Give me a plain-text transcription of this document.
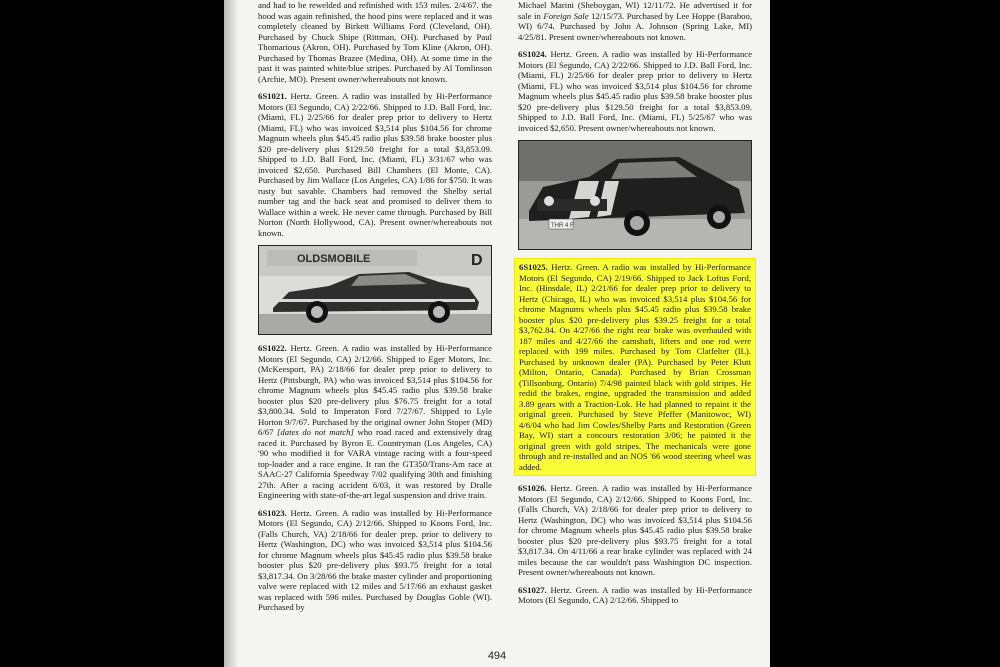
and had to be rewelded and refinished with 153 miles. 2/4/67. the hood was again refinished, the hood pins were replaced and it was completely cleaned by Birkett Williams Ford (Cleveland, OH). Purchased by Chuck Shipe (Rittman, OH). Purchased by Paul Thomarious (Akron, OH). Purchased by Tom Kline (Akron, OH). Purchased by Thomas Brazee (Medina, OH). At some time in the past it was painted white/blue stripes. Purchased by Al Tomlinson (Archie, MO). Present owner/whereabouts not known.

6S1021. Hertz. Green. A radio was installed by Hi-Performance Motors (El Segundo, CA) 2/22/66. Shipped to J.D. Ball Ford, Inc. (Miami, FL) 2/25/66 for dealer prep prior to delivery to Hertz (Miami, FL) who was invoiced $3,514 plus $104.56 for chrome Magnum wheels plus $45.45 radio plus $39.58 brake booster plus $20 pre-delivery plus $129.50 freight for a total $3,853.09. Shipped to J.D. Ball Ford, Inc. (Miami, FL) 3/31/67 who was invoiced $2,650. Purchased Bill Chambers (El Monte, CA). Purchased by Jim Wallace (Los Angeles, CA) 1/86 for $750. It was rusty but savable. Chambers had removed the Shelby serial number tag and the back seat and promised to deliver them to Wallace within a week. He never came through. Purchased by Bill Norton (North Hollywood, CA). Present owner/whereabouts not known.

OLDSMOBILE	D

6S1022. Hertz. Green. A radio was installed by Hi-Performance Motors (El Segundo, CA) 2/12/66. Shipped to Eger Motors, Inc. (McKeesport, PA) 2/18/66 for dealer prep prior to delivery to Hertz (Pittsburgh, PA) who was invoiced $3,514 plus $104.56 for chrome Magnum wheels plus $45.45 radio plus $39.58 brake booster plus $20 pre-delivery plus $76.75 freight for a total $3,800.34. Sold to Imperaton Ford 7/27/67. Shipped to Lyle Horton 9/7/67. Purchased by the original owner John Stoper (MD) 6/67 [dates do not match] who road raced and extensively drag raced it. Purchased by Byron E. Countryman (Los Angeles, CA) '90 who modified it for VARA vintage racing with a four-speed top-loader and a race engine. It ran the GT350/Trans-Am race at SAAC-27 California Speedway 7/02 qualifying 30th and finishing 27th. After a racing accident 6/03, it was restored by Dralle Engineering with state-of-the-art legal suspension and drive train.

6S1023. Hertz. Green. A radio was installed by Hi-Performance Motors (El Segundo, CA) 2/12/66. Shipped to Koons Ford, Inc. (Falls Church, VA) 2/18/66 for dealer prep. prior to delivery to Hertz (Washington, DC) who was invoiced $3,514 plus $104.56 for chrome Magnum wheels plus $45.45 radio plus $39.58 brake booster plus $20 pre-delivery plus $93.75 freight for a total $3,817.34. On 3/28/66 the brake master cylinder and proportioning valve were replaced with 12 miles and 5/17/66 an exhaust gasket was replaced with 596 miles. Purchased by Douglas Goble (WI). Purchased by

Michael Marini (Sheboygan, WI) 12/11/72. He advertised it for sale in Foreign Sale 12/15/73. Purchased by Lee Hoppe (Baraboo, WI) 6/74. Purchased by John A. Johnson (Spring Lake, MI) 4/25/81. Present owner/whereabouts not known.

6S1024. Hertz. Green. A radio was installed by Hi-Performance Motors (El Segundo, CA) 2/22/66. Shipped to J.D. Ball Ford, Inc. (Miami, FL) 2/25/66 for dealer prep prior to delivery to Hertz (Miami, FL) who was invoiced $3,514 plus $104.56 for chrome Magnum wheels plus $45.45 radio plus $39.58 brake booster plus $20 pre-delivery plus $129.50 freight for a total $3,853.09. Shipped to J.D. Ball Ford, Inc. (Miami, FL) 5/25/67 who was invoiced $2,650. Present owner/whereabouts not known.

THR 4 F
6S1025. Hertz. Green. A radio was installed by Hi-Performance Motors (El Segundo, CA) 2/19/66. Shipped to Jack Loftus Ford, Inc. (Hinsdale, IL) 2/21/66 for dealer prep prior to delivery to Hertz (Chicago, IL) who was invoiced $3,514 plus $104.56 for chrome Magnums wheels plus $45.45 radio plus $39.58 brake booster plus $20 pre-delivery plus $39.25 freight for a total $3,762.84. On 4/27/66 the right rear brake was overhauled with 187 miles and 4/27/66 the camshaft, lifters and one rod were replaced with 199 miles. Purchased by Tom Clatfelter (IL). Purchased by unknown dealer (PA). Purchased by Peter Klutt (Milton, Ontario, Canada). Purchased by Brian Crossman (Tillsonburg, Ontario) 7/4/98 painted black with gold stripes. He redid the brakes, engine, upgraded the transmission and added 3.89 gears with a Traction-Lok. He had planned to repaint it the original green. Purchased by Steve Pfeffer (Manitowoc, WI) 4/6/04 who had Jim Cowles/Shelby Parts and Restoration (Green Bay, WI) start a concours restoration 3/06; he painted it the original green with gold stripes. The mechanicals were gone through and re-installed and an NOS '66 wood steering wheel was added.

6S1026. Hertz. Green. A radio was installed by Hi-Performance Motors (El Segundo, CA) 2/12/66. Shipped to Koons Ford, Inc. (Falls Church, VA) 2/18/66 for dealer prep prior to delivery to Hertz (Washington, DC) who was invoiced $3,514 plus $104.56 for chrome Magnum wheels plus $45.45 radio plus $39.58 brake booster plus $20 pre-delivery plus $93.75 freight for a total $3,817.34. On 4/11/66 a rear brake cylinder was replaced with 24 miles because the car wouldn't pass Washington DC inspection. Present owner/whereabouts not known.

6S1027. Hertz. Green. A radio was installed by Hi-Performance Motors (El Segundo, CA) 2/12/66. Shipped to

494
